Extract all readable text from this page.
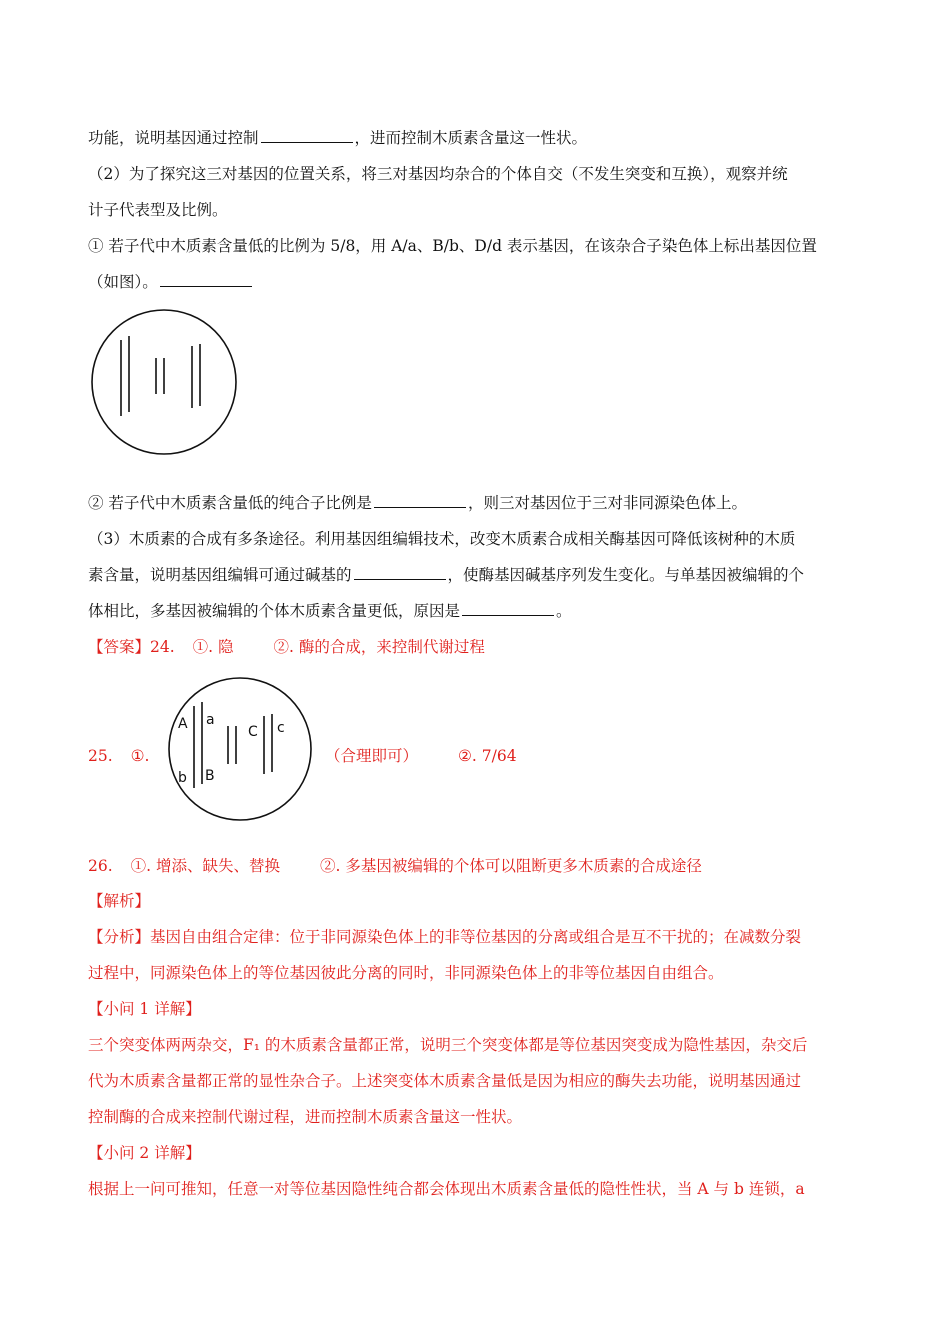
功能，说明基因通过控制	，进而控制木质素含量这一性状。
（2）为了探究这三对基因的位置关系，将三对基因均杂合的个体自交（不发生突变和互换），观察并统
计子代表型及比例。
① 若子代中木质素含量低的比例为 5/8，用 A/a、B/b、D/d 表示基因，在该杂合子染色体上标出基因位置
（如图）。
② 若子代中木质素含量低的纯合子比例是	，则三对基因位于三对非同源染色体上。
（3）木质素的合成有多条途径。利用基因组编辑技术，改变木质素合成相关酶基因可降低该树种的木质
素含量，说明基因组编辑可通过碱基的	，使酶基因碱基序列发生变化。与单基因被编辑的个
体相比，多基因被编辑的个体木质素含量更低，原因是	。
【答案】24. ①. 隐	②. 酶的合成，来控制代谢过程
25. ①.
A a
b B
C c
（合理即可）	②. 7/64
26. ①. 增添、缺失、替换	②. 多基因被编辑的个体可以阻断更多木质素的合成途径
【解析】
【分析】基因自由组合定律：位于非同源染色体上的非等位基因的分离或组合是互不干扰的；在减数分裂
过程中，同源染色体上的等位基因彼此分离的同时，非同源染色体上的非等位基因自由组合。
【小问 1 详解】
三个突变体两两杂交，F₁ 的木质素含量都正常，说明三个突变体都是等位基因突变成为隐性基因，杂交后
代为木质素含量都正常的显性杂合子。上述突变体木质素含量低是因为相应的酶失去功能，说明基因通过
控制酶的合成来控制代谢过程，进而控制木质素含量这一性状。
【小问 2 详解】
根据上一问可推知，任意一对等位基因隐性纯合都会体现出木质素含量低的隐性性状，当 A 与 b 连锁，a
